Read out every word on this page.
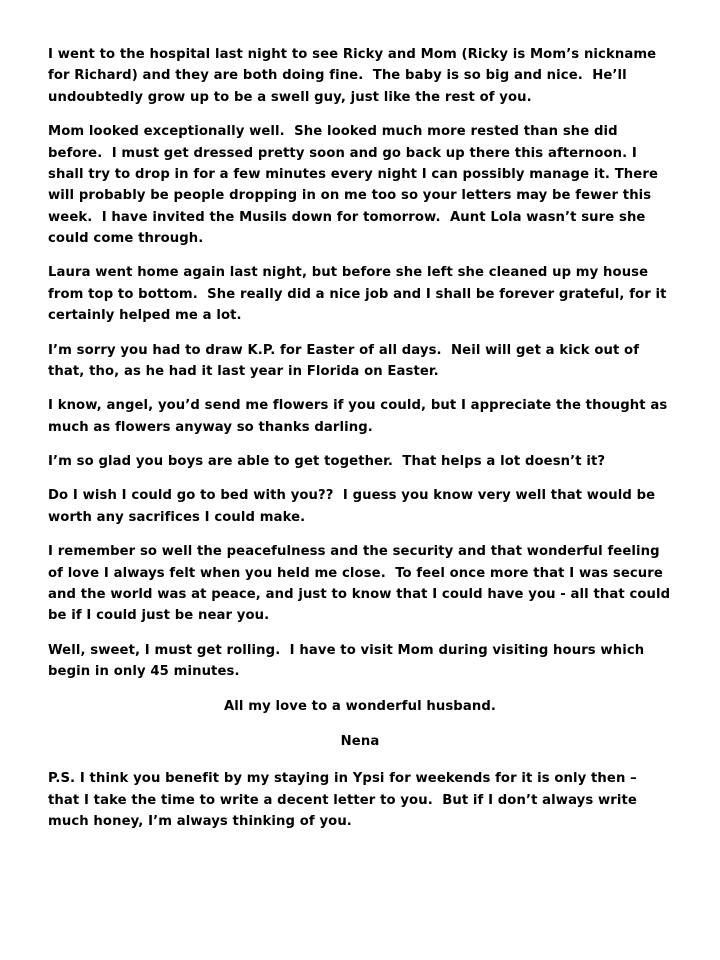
I went to the hospital last night to see Ricky and Mom (Ricky is Mom’s nickname for Richard) and they are both doing fine.  The baby is so big and nice.  He’ll undoubtedly grow up to be a swell guy, just like the rest of you.

Mom looked exceptionally well.  She looked much more rested than she did before.  I must get dressed pretty soon and go back up there this afternoon. I shall try to drop in for a few minutes every night I can possibly manage it. There will probably be people dropping in on me too so your letters may be fewer this week.  I have invited the Musils down for tomorrow.  Aunt Lola wasn’t sure she could come through.

Laura went home again last night, but before she left she cleaned up my house from top to bottom.  She really did a nice job and I shall be forever grateful, for it certainly helped me a lot.

I’m sorry you had to draw K.P. for Easter of all days.  Neil will get a kick out of that, tho, as he had it last year in Florida on Easter.

I know, angel, you’d send me flowers if you could, but I appreciate the thought as much as flowers anyway so thanks darling.

I’m so glad you boys are able to get together.  That helps a lot doesn’t it?

Do I wish I could go to bed with you??  I guess you know very well that would be worth any sacrifices I could make.

I remember so well the peacefulness and the security and that wonderful feeling of love I always felt when you held me close.  To feel once more that I was secure and the world was at peace, and just to know that I could have you - all that could be if I could just be near you.

Well, sweet, I must get rolling.  I have to visit Mom during visiting hours which begin in only 45 minutes.

All my love to a wonderful husband.

Nena

P.S. I think you benefit by my staying in Ypsi for weekends for it is only then – that I take the time to write a decent letter to you.  But if I don’t always write much honey, I’m always thinking of you.
